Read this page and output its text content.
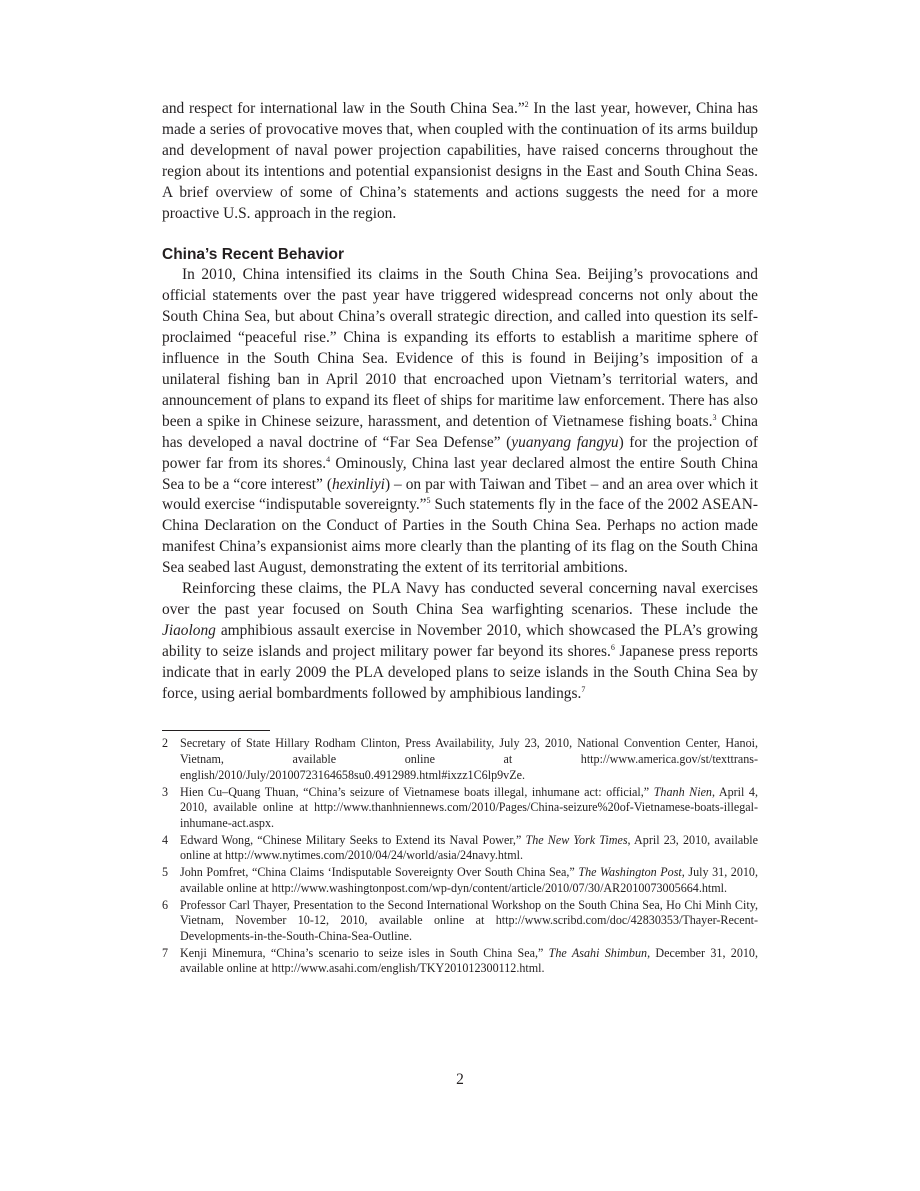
and respect for international law in the South China Sea.”$^2$ In the last year, however, China has made a series of provocative moves that, when coupled with the continuation of its arms buildup and development of naval power projection capabilities, have raised concerns throughout the region about its intentions and potential expansionist designs in the East and South China Seas. A brief overview of some of China’s statements and actions suggests the need for a more proactive U.S. approach in the region.

China’s Recent Behavior

In 2010, China intensified its claims in the South China Sea. Beijing’s provocations and official statements over the past year have triggered widespread concerns not only about the South China Sea, but about China’s overall strategic direction, and called into question its self-proclaimed “peaceful rise.” China is expanding its efforts to establish a maritime sphere of influence in the South China Sea. Evidence of this is found in Beijing’s imposition of a unilateral fishing ban in April 2010 that encroached upon Vietnam’s territorial waters, and announcement of plans to expand its fleet of ships for maritime law enforcement. There has also been a spike in Chinese seizure, harassment, and detention of Vietnamese fishing boats.$^3$ China has developed a naval doctrine of “Far Sea Defense” (yuanyang fangyu) for the projection of power far from its shores.$^4$ Ominously, China last year declared almost the entire South China Sea to be a “core interest” (hexinliyi) – on par with Taiwan and Tibet – and an area over which it would exercise “indisputable sovereignty.”$^5$ Such statements fly in the face of the 2002 ASEAN-China Declaration on the Conduct of Parties in the South China Sea. Perhaps no action made manifest China’s expansionist aims more clearly than the planting of its flag on the South China Sea seabed last August, demonstrating the extent of its territorial ambitions.

Reinforcing these claims, the PLA Navy has conducted several concerning naval exercises over the past year focused on South China Sea warfighting scenarios. These include the Jiaolong amphibious assault exercise in November 2010, which showcased the PLA’s growing ability to seize islands and project military power far beyond its shores.$^6$ Japanese press reports indicate that in early 2009 the PLA developed plans to seize islands in the South China Sea by force, using aerial bombardments followed by amphibious landings.$^7$

2 Secretary of State Hillary Rodham Clinton, Press Availability, July 23, 2010, National Convention Center, Hanoi, Vietnam, available online at http://www.america.gov/st/texttrans-english/2010/July/20100723164658su0.4912989.html#ixzz1C6lp9vZe.
3 Hien Cu–Quang Thuan, “China’s seizure of Vietnamese boats illegal, inhumane act: official,” Thanh Nien, April 4, 2010, available online at http://www.thanhniennews.com/2010/Pages/China-seizure%20of-Vietnamese-boats-illegal-inhumane-act.aspx.
4 Edward Wong, “Chinese Military Seeks to Extend its Naval Power,” The New York Times, April 23, 2010, available online at http://www.nytimes.com/2010/04/24/world/asia/24navy.html.
5 John Pomfret, “China Claims ‘Indisputable Sovereignty Over South China Sea,” The Washington Post, July 31, 2010, available online at http://www.washingtonpost.com/wp-dyn/content/article/2010/07/30/AR2010073005664.html.
6 Professor Carl Thayer, Presentation to the Second International Workshop on the South China Sea, Ho Chi Minh City, Vietnam, November 10-12, 2010, available online at http://www.scribd.com/doc/42830353/Thayer-Recent-Developments-in-the-South-China-Sea-Outline.
7 Kenji Minemura, “China’s scenario to seize isles in South China Sea,” The Asahi Shimbun, December 31, 2010, available online at http://www.asahi.com/english/TKY201012300112.html.
2
